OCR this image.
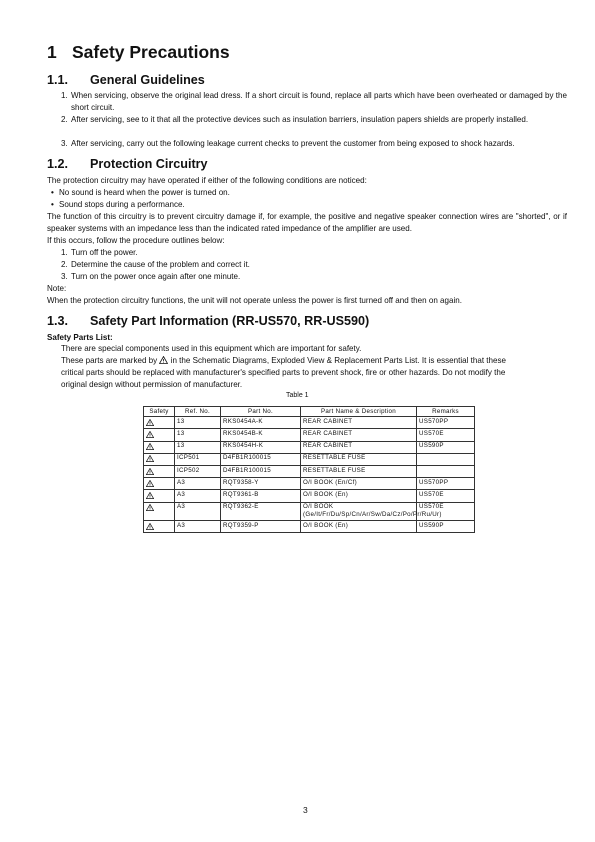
1 Safety Precautions
1.1. General Guidelines
1. When servicing, observe the original lead dress. If a short circuit is found, replace all parts which have been overheated or damaged by the short circuit.
2. After servicing, see to it that all the protective devices such as insulation barriers, insulation papers shields are properly installed.
3. After servicing, carry out the following leakage current checks to prevent the customer from being exposed to shock hazards.
1.2. Protection Circuitry
The protection circuitry may have operated if either of the following conditions are noticed:
• No sound is heard when the power is turned on.
• Sound stops during a performance.
The function of this circuitry is to prevent circuitry damage if, for example, the positive and negative speaker connection wires are "shorted", or if speaker systems with an impedance less than the indicated rated impedance of the amplifier are used.
If this occurs, follow the procedure outlines below:
1. Turn off the power.
2. Determine the cause of the problem and correct it.
3. Turn on the power once again after one minute.
Note:
When the protection circuitry functions, the unit will not operate unless the power is first turned off and then on again.
1.3. Safety Part Information (RR-US570, RR-US590)
Safety Parts List:
There are special components used in this equipment which are important for safety.
These parts are marked by in the Schematic Diagrams, Exploded View & Replacement Parts List. It is essential that these
critical parts should be replaced with manufacturer's specified parts to prevent shock, fire or other hazards. Do not modify the
original design without permission of manufacturer.
Table 1
Safety	Ref. No.	Part No.	Part Name & Description	Remarks

	13	RKS0454A-K	REAR CABINET	US570PP

	13	RKS0454B-K	REAR CABINET	US570E

	13	RKS0454H-K	REAR CABINET	US590P

	ICP501	D4FB1R100015	RESETTABLE FUSE	

	ICP502	D4FB1R100015	RESETTABLE FUSE	

	A3	RQT9358-Y	O/I BOOK (En/Cf)	US570PP

	A3	RQT9361-B	O/I BOOK (En)	US570E

	A3	RQT9362-E	O/I BOOK (Ge/It/Fr/Du/Sp/Cn/Ar/Sw/Da/Cz/Po/Pr/Ru/Ur)	US570E

	A3	RQT9359-P	O/I BOOK (En)	US590P
3
